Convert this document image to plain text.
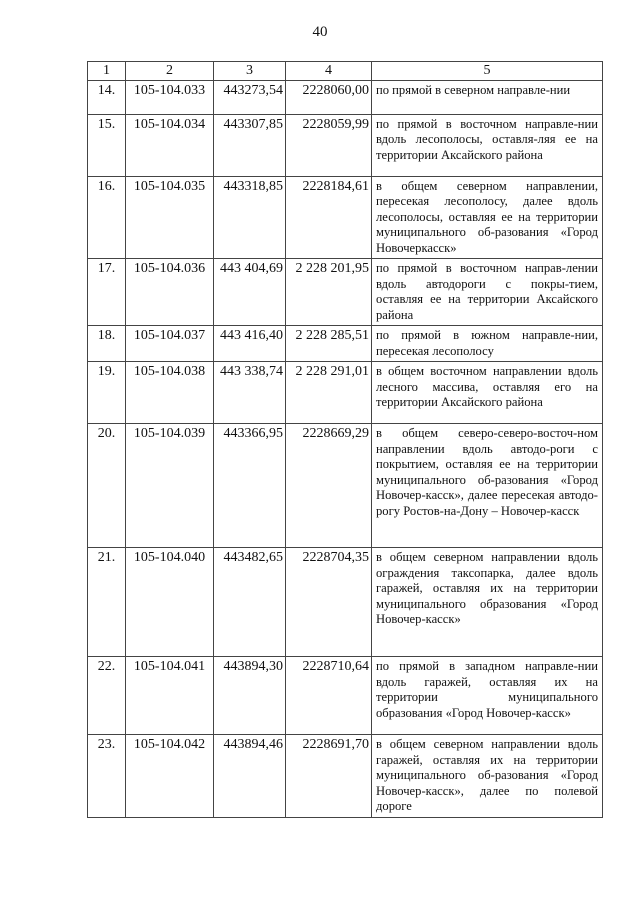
40
1	2	3	4	5
14.	105-104.033	443273,54	2228060,00	по прямой в северном направле-нии
15.	105-104.034	443307,85	2228059,99	по прямой в восточном направле-нии вдоль лесополосы, оставля-ляя ее на территории Аксайского района
16.	105-104.035	443318,85	2228184,61	в общем северном направлении, пересекая лесополосу, далее вдоль лесополосы, оставляя ее на территории муниципального об-разования «Город Новочеркасск»
17.	105-104.036	443 404,69	2 228 201,95	по прямой в восточном направ-лении вдоль автодороги с покры-тием, оставляя ее на территории Аксайского района
18.	105-104.037	443 416,40	2 228 285,51	по прямой в южном направле-нии, пересекая лесополосу
19.	105-104.038	443 338,74	2 228 291,01	в общем восточном направлении вдоль лесного массива, оставляя его на территории Аксайского района
20.	105-104.039	443366,95	2228669,29	в общем северо-северо-восточ-ном направлении вдоль автодо-роги с покрытием, оставляя ее на территории муниципального об-разования «Город Новочер-касск», далее пересекая автодо-рогу Ростов-на-Дону – Новочер-касск
21.	105-104.040	443482,65	2228704,35	в общем северном направлении вдоль ограждения таксопарка, далее вдоль гаражей, оставляя их на территории муниципального образования «Город Новочер-касск»
22.	105-104.041	443894,30	2228710,64	по прямой в западном направле-нии вдоль гаражей, оставляя их на территории муниципального образования «Город Новочер-касск»
23.	105-104.042	443894,46	2228691,70	в общем северном направлении вдоль гаражей, оставляя их на территории муниципального об-разования «Город Новочер-касск», далее по полевой дороге
